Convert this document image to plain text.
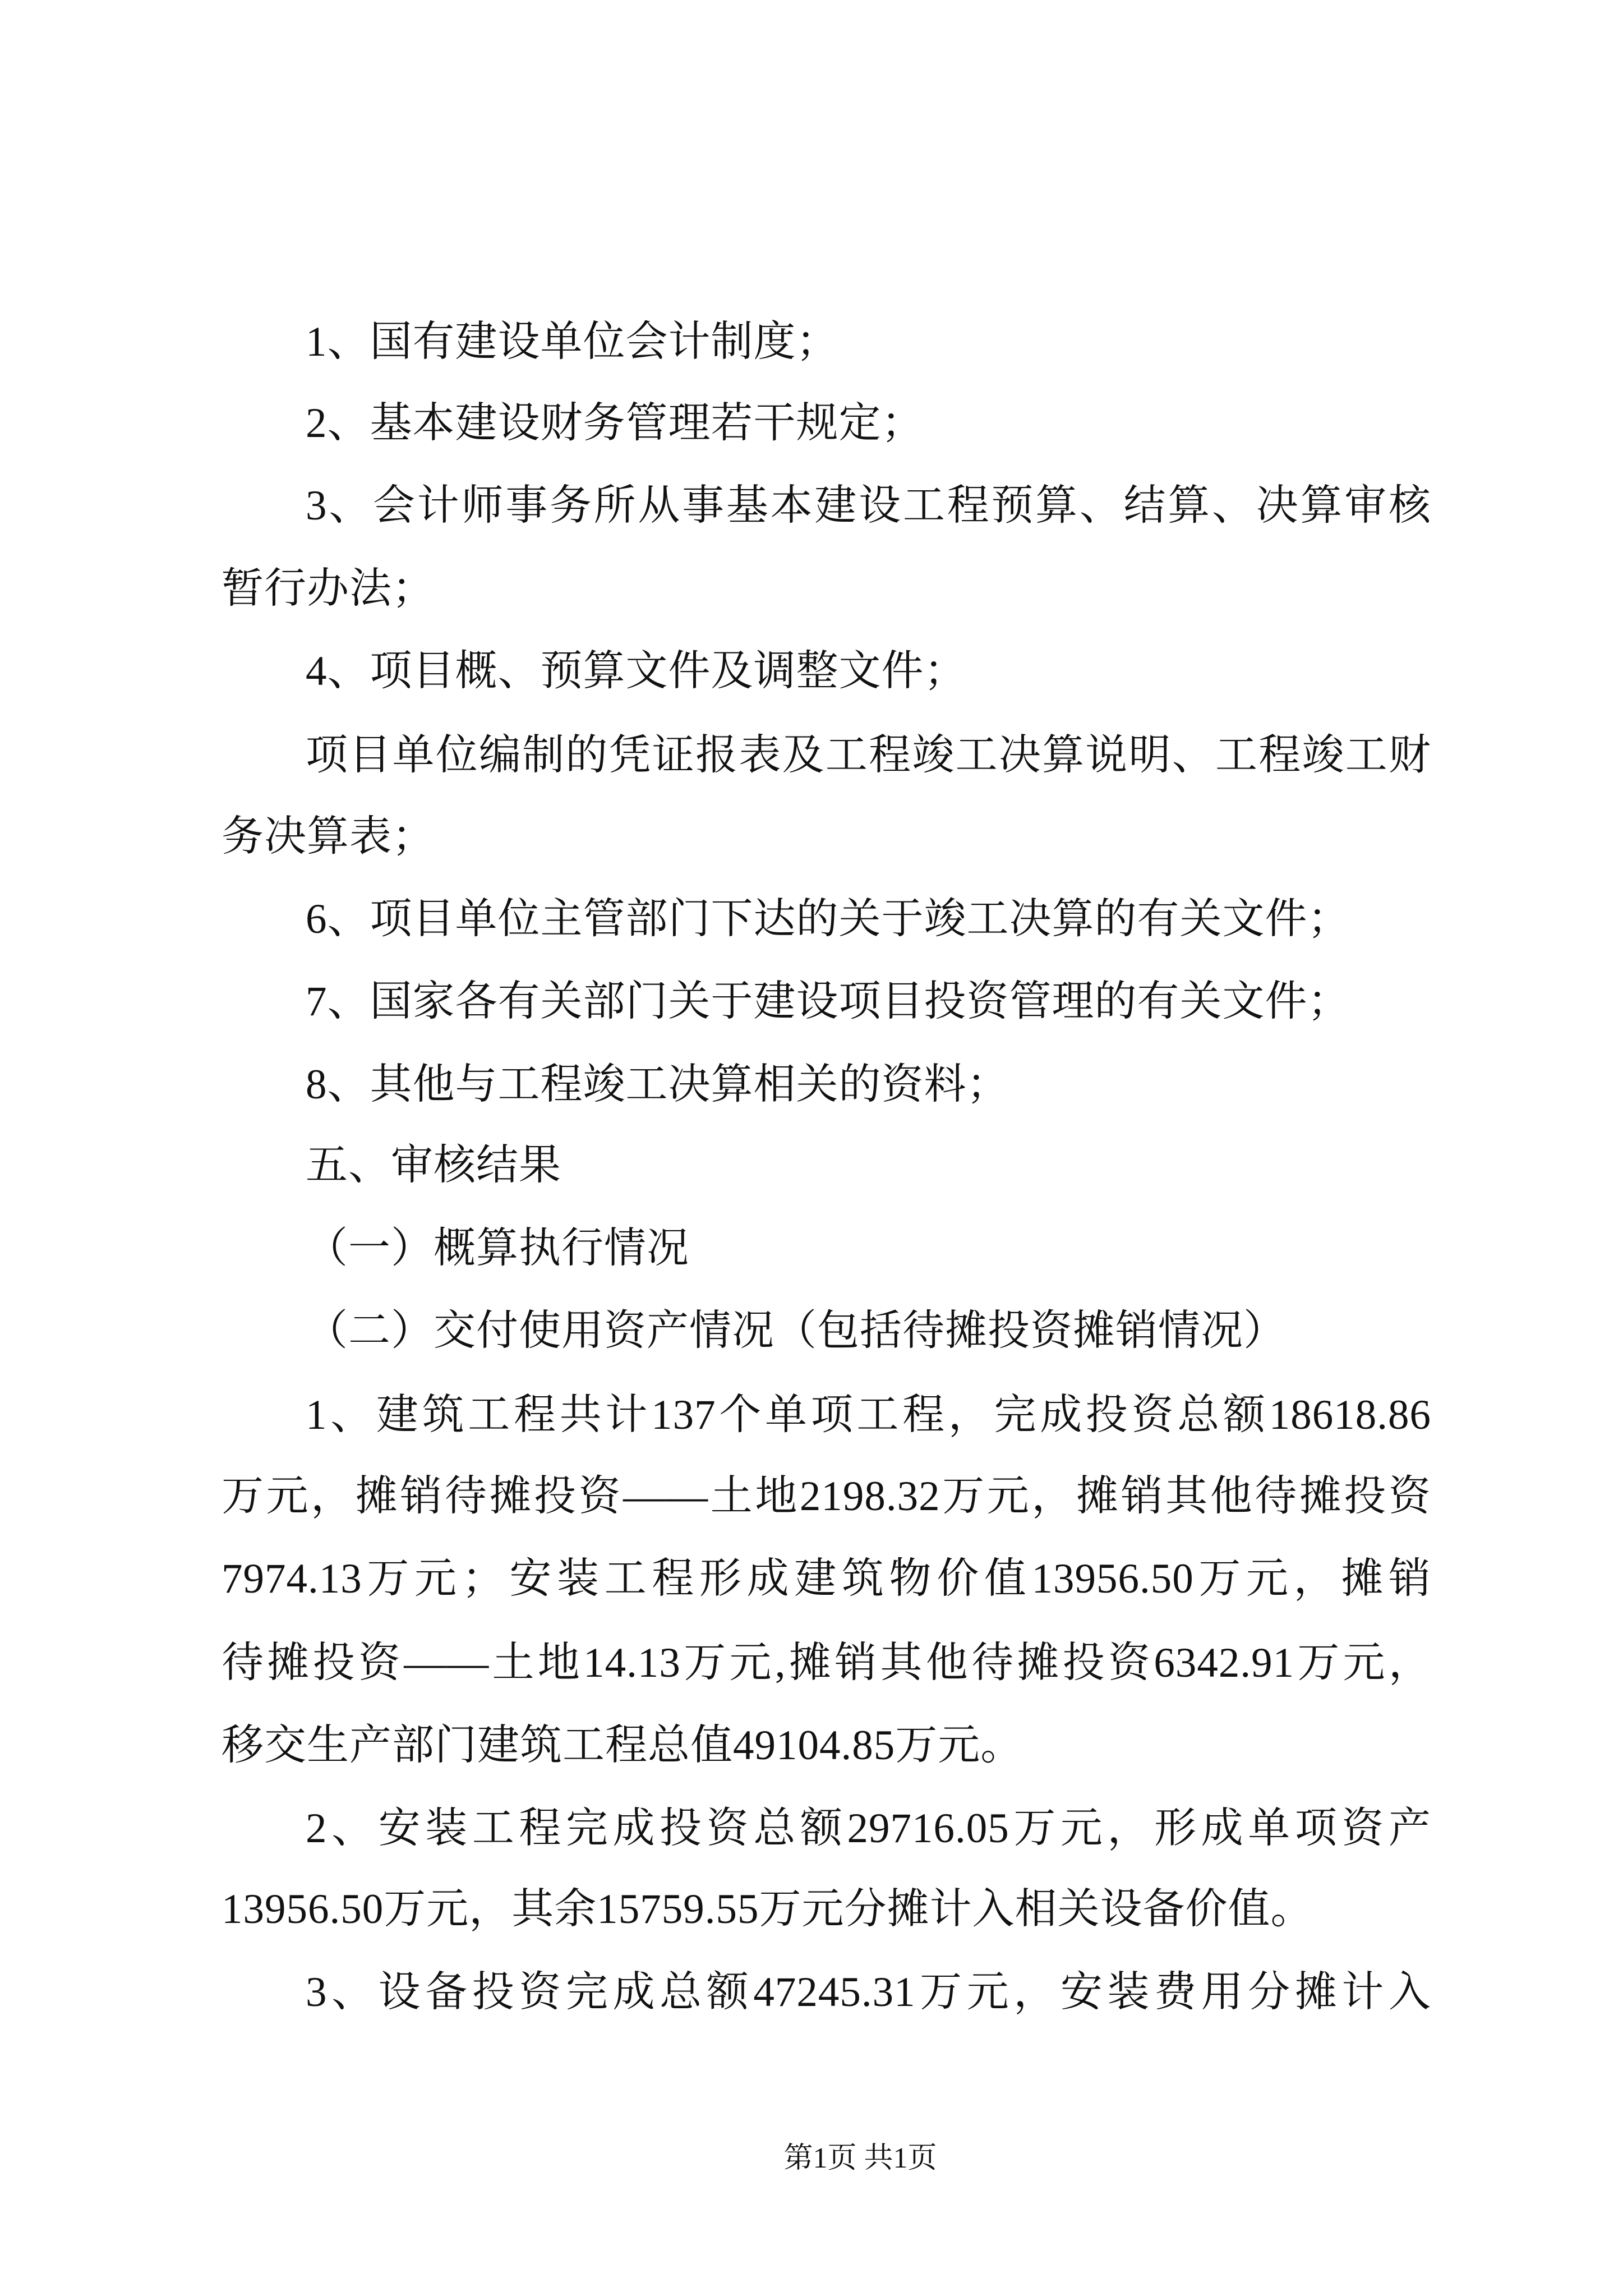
1、国有建设单位会计制度；
2、基本建设财务管理若干规定；
3、会计师事务所从事基本建设工程预算、结算、决算审核
暂行办法；
4、项目概、预算文件及调整文件；
项目单位编制的凭证报表及工程竣工决算说明、工程竣工财
务决算表；
6、项目单位主管部门下达的关于竣工决算的有关文件；
7、国家各有关部门关于建设项目投资管理的有关文件；
8、其他与工程竣工决算相关的资料；
五、审核结果
（一）概算执行情况
（二）交付使用资产情况（包括待摊投资摊销情况）
1、建筑工程共计137个单项工程，完成投资总额18618.86
万元，摊销待摊投资——土地2198.32万元，摊销其他待摊投资
7974.13万元；安装工程形成建筑物价值13956.50万元，摊销
待摊投资——土地14.13万元,摊销其他待摊投资6342.91万元，
移交生产部门建筑工程总值49104.85万元。
2、安装工程完成投资总额29716.05万元，形成单项资产
13956.50万元，其余15759.55万元分摊计入相关设备价值。
3、设备投资完成总额47245.31万元，安装费用分摊计入
第1页 共1页
